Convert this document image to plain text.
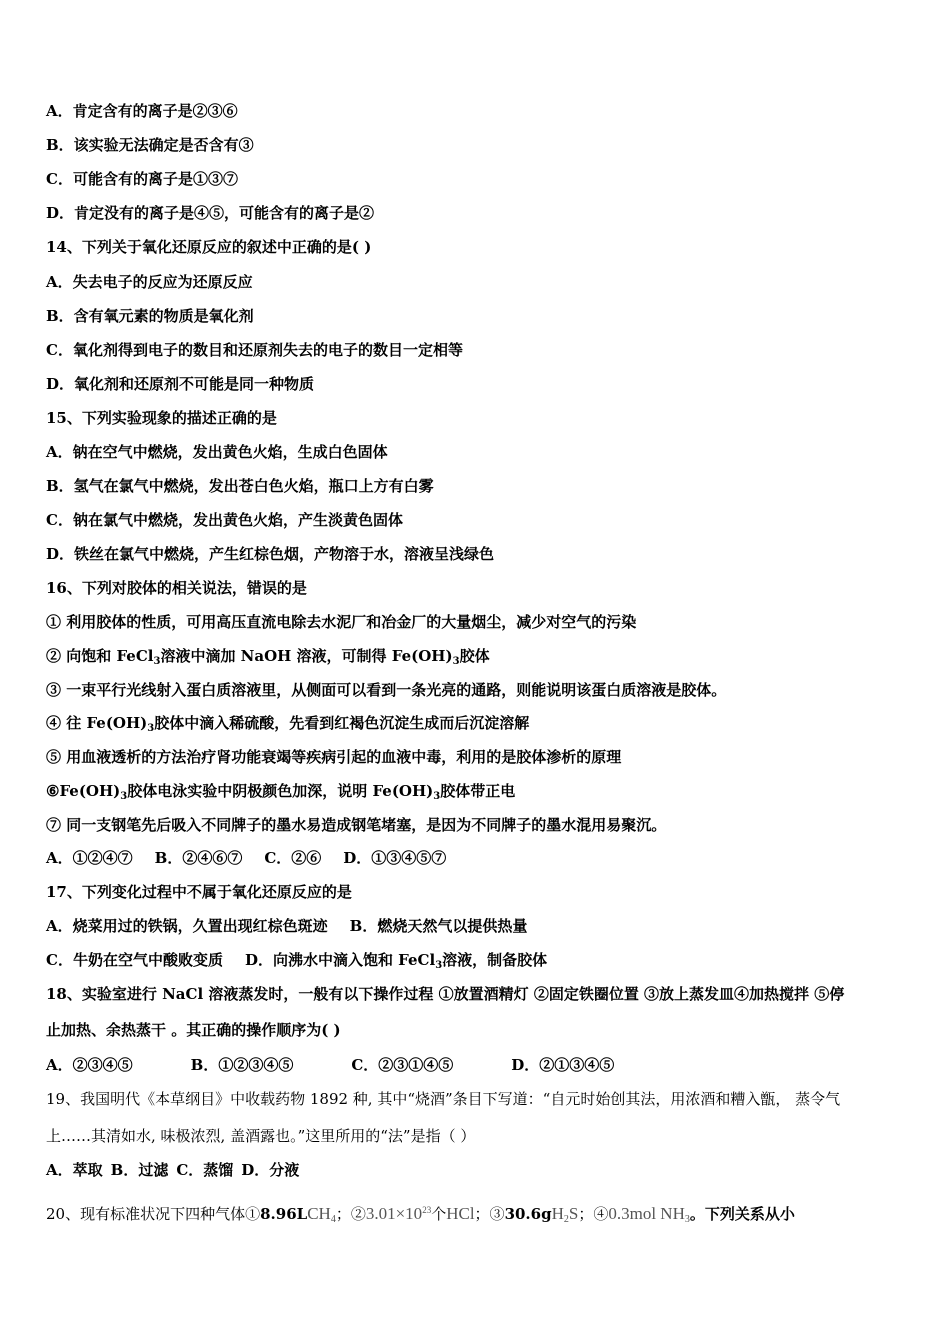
A．肯定含有的离子是②③⑥
B．该实验无法确定是否含有③
C．可能含有的离子是①③⑦
D．肯定没有的离子是④⑤，可能含有的离子是②
14、下列关于氧化还原反应的叙述中正确的是( )
A．失去电子的反应为还原反应
B．含有氧元素的物质是氧化剂
C．氧化剂得到电子的数目和还原剂失去的电子的数目一定相等
D．氧化剂和还原剂不可能是同一种物质
15、下列实验现象的描述正确的是
A．钠在空气中燃烧，发出黄色火焰，生成白色固体
B．氢气在氯气中燃烧，发出苍白色火焰，瓶口上方有白雾
C．钠在氯气中燃烧，发出黄色火焰，产生淡黄色固体
D．铁丝在氯气中燃烧，产生红棕色烟，产物溶于水，溶液呈浅绿色
16、下列对胶体的相关说法，错误的是
① 利用胶体的性质，可用高压直流电除去水泥厂和冶金厂的大量烟尘，减少对空气的污染
② 向饱和 FeCl$_3$溶液中滴加 NaOH 溶液，可制得 $Fe(OH)_3$胶体
③ 一束平行光线射入蛋白质溶液里，从侧面可以看到一条光亮的通路，则能说明该蛋白质溶液是胶体。
④ 往 $Fe(OH)_3$胶体中滴入稀硫酸，先看到红褐色沉淀生成而后沉淀溶解
⑤ 用血液透析的方法治疗肾功能衰竭等疾病引起的血液中毒，利用的是胶体渗析的原理
$⑥Fe(OH)_3$胶体电泳实验中阴极颜色加深，说明 $Fe(OH)_3$胶体带正电
⑦ 同一支钢笔先后吸入不同牌子的墨水易造成钢笔堵塞，是因为不同牌子的墨水混用易聚沉。
A．①②④⑦ B．②④⑥⑦ C．②⑥ D．①③④⑤⑦
17、下列变化过程中不属于氧化还原反应的是
A．烧菜用过的铁锅，久置出现红棕色斑迹 B．燃烧天然气以提供热量
C．牛奶在空气中酸败变质 D．向沸水中滴入饱和 FeCl$_3$溶液，制备胶体
18、实验室进行 NaCl 溶液蒸发时，一般有以下操作过程 ①放置酒精灯 ②固定铁圈位置 ③放上蒸发皿④加热搅拌 ⑤停
止加热、余热蒸干 。其正确的操作顺序为( )
A．②③④⑤	B．①②③④⑤	C．②③①④⑤	D．②①③④⑤
19、我国明代《本草纲目》中收载药物 1892 种, 其中“烧酒”条目下写道：“自元时始创其法，用浓酒和糟入甑， 蒸令气
上……其清如水, 味极浓烈, 盖酒露也。”这里所用的“法”是指（ ）
A．萃取 B．过滤 C．蒸馏 D．分液
20、现有标准状况下四种气体$①8.96LCH_4$；$②3.01\times 10^{23}$个HCl；$③30.6gH_2S$；④0.3mol $NH_3$。下列关系从小
